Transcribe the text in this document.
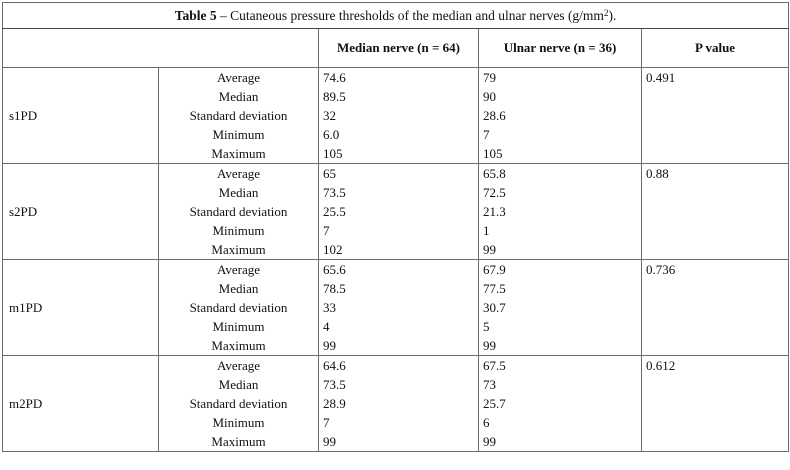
Table 5 – Cutaneous pressure thresholds of the median and ulnar nerves $(g/mm^2)$.				
		Median nerve (n = 64)	Ulnar nerve (n = 36)	P value
s1PD	Average	74.6	79	0.491
	Median	89.5	90	
	Standard deviation	32	28.6	
	Minimum	6.0	7	
	Maximum	105	105	
s2PD	Average	65	65.8	0.88
	Median	73.5	72.5	
	Standard deviation	25.5	21.3	
	Minimum	7	1	
	Maximum	102	99	
m1PD	Average	65.6	67.9	0.736
	Median	78.5	77.5	
	Standard deviation	33	30.7	
	Minimum	4	5	
	Maximum	99	99	
m2PD	Average	64.6	67.5	0.612
	Median	73.5	73	
	Standard deviation	28.9	25.7	
	Minimum	7	6	
	Maximum	99	99	
